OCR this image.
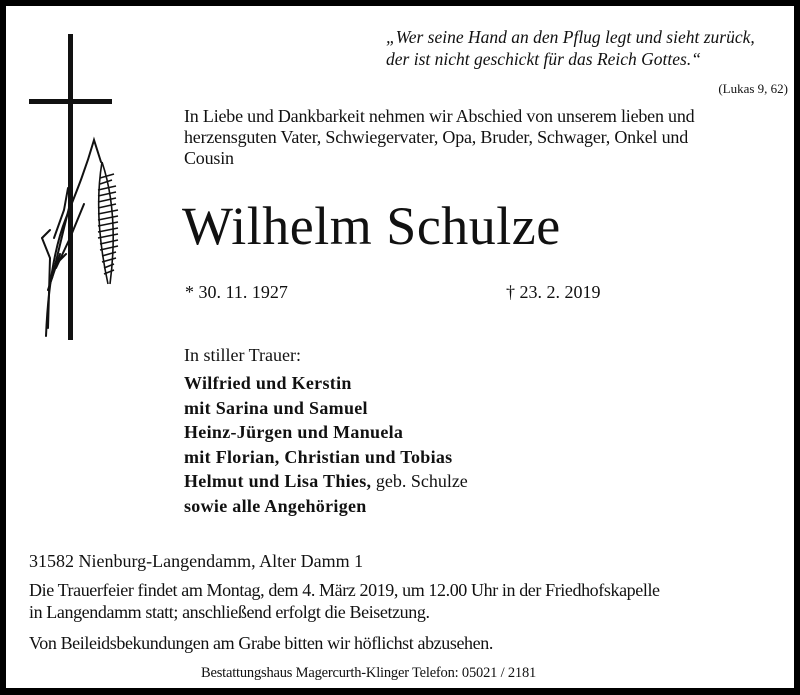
„Wer seine Hand an den Pflug legt und sieht zurück,
der ist nicht geschickt für das Reich Gottes.“
(Lukas 9, 62)
In Liebe und Dankbarkeit nehmen wir Abschied von unserem lieben und
herzensguten Vater, Schwiegervater, Opa, Bruder, Schwager, Onkel und
Cousin
Wilhelm Schulze
* 30. 11. 1927	† 23. 2. 2019
In stiller Trauer:
Wilfried und Kerstin
mit Sarina und Samuel
Heinz-Jürgen und Manuela
mit Florian, Christian und Tobias
Helmut und Lisa Thies, geb. Schulze
sowie alle Angehörigen
31582 Nienburg-Langendamm, Alter Damm 1
Die Trauerfeier findet am Montag, dem 4. März 2019, um 12.00 Uhr in der Friedhofskapelle
in Langendamm statt; anschließend erfolgt die Beisetzung.
Von Beileidsbekundungen am Grabe bitten wir höflichst abzusehen.
Bestattungshaus Magercurth-Klinger Telefon: 05021 / 2181
